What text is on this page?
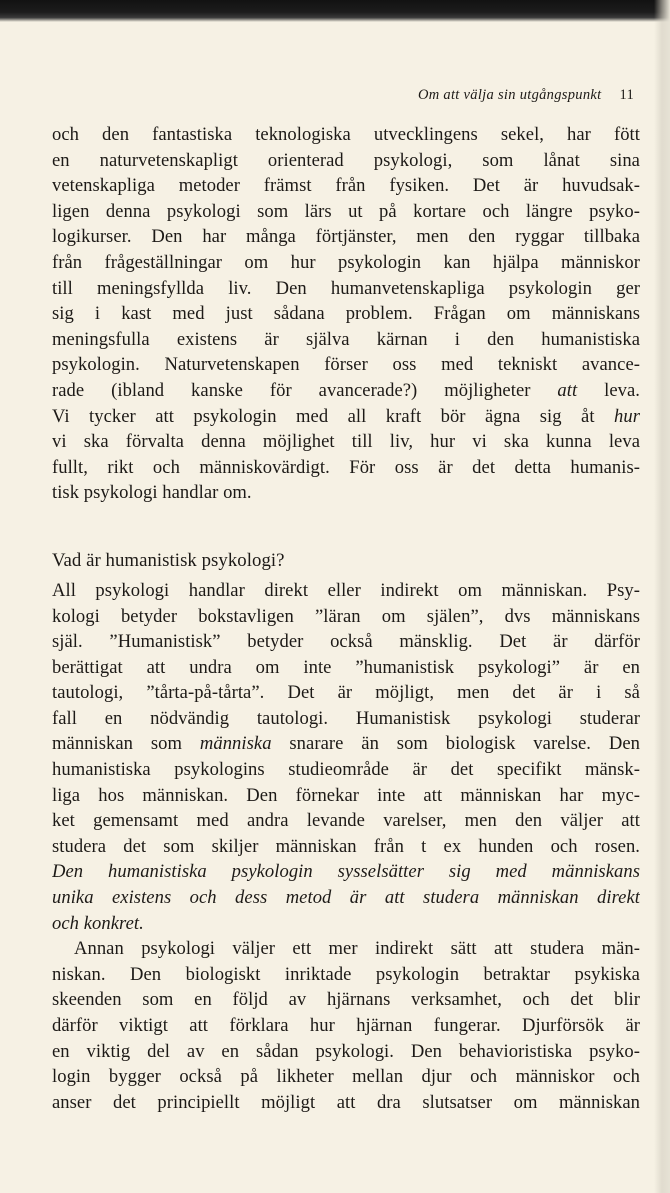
Om att välja sin utgångspunkt 11
och den fantastiska teknologiska utvecklingens sekel, har fött
en naturvetenskapligt orienterad psykologi, som lånat sina
vetenskapliga metoder främst från fysiken. Det är huvudsak-
ligen denna psykologi som lärs ut på kortare och längre psyko-
logikurser. Den har många förtjänster, men den ryggar tillbaka
från frågeställningar om hur psykologin kan hjälpa människor
till meningsfyllda liv. Den humanvetenskapliga psykologin ger
sig i kast med just sådana problem. Frågan om människans
meningsfulla existens är själva kärnan i den humanistiska
psykologin. Naturvetenskapen förser oss med tekniskt avance-
rade (ibland kanske för avancerade?) möjligheter att leva.
Vi tycker att psykologin med all kraft bör ägna sig åt hur
vi ska förvalta denna möjlighet till liv, hur vi ska kunna leva
fullt, rikt och människovärdigt. För oss är det detta humanis-
tisk psykologi handlar om.
Vad är humanistisk psykologi?
All psykologi handlar direkt eller indirekt om människan. Psy-
kologi betyder bokstavligen ”läran om själen”, dvs människans
själ. ”Humanistisk” betyder också mänsklig. Det är därför
berättigat att undra om inte ”humanistisk psykologi” är en
tautologi, ”tårta-på-tårta”. Det är möjligt, men det är i så
fall en nödvändig tautologi. Humanistisk psykologi studerar
människan som människa snarare än som biologisk varelse. Den
humanistiska psykologins studieområde är det specifikt mänsk-
liga hos människan. Den förnekar inte att människan har myc-
ket gemensamt med andra levande varelser, men den väljer att
studera det som skiljer människan från t ex hunden och rosen.
Den humanistiska psykologin sysselsätter sig med människans
unika existens och dess metod är att studera människan direkt
och konkret.
Annan psykologi väljer ett mer indirekt sätt att studera män-
niskan. Den biologiskt inriktade psykologin betraktar psykiska
skeenden som en följd av hjärnans verksamhet, och det blir
därför viktigt att förklara hur hjärnan fungerar. Djurförsök är
en viktig del av en sådan psykologi. Den behavioristiska psyko-
login bygger också på likheter mellan djur och människor och
anser det principiellt möjligt att dra slutsatser om människan
